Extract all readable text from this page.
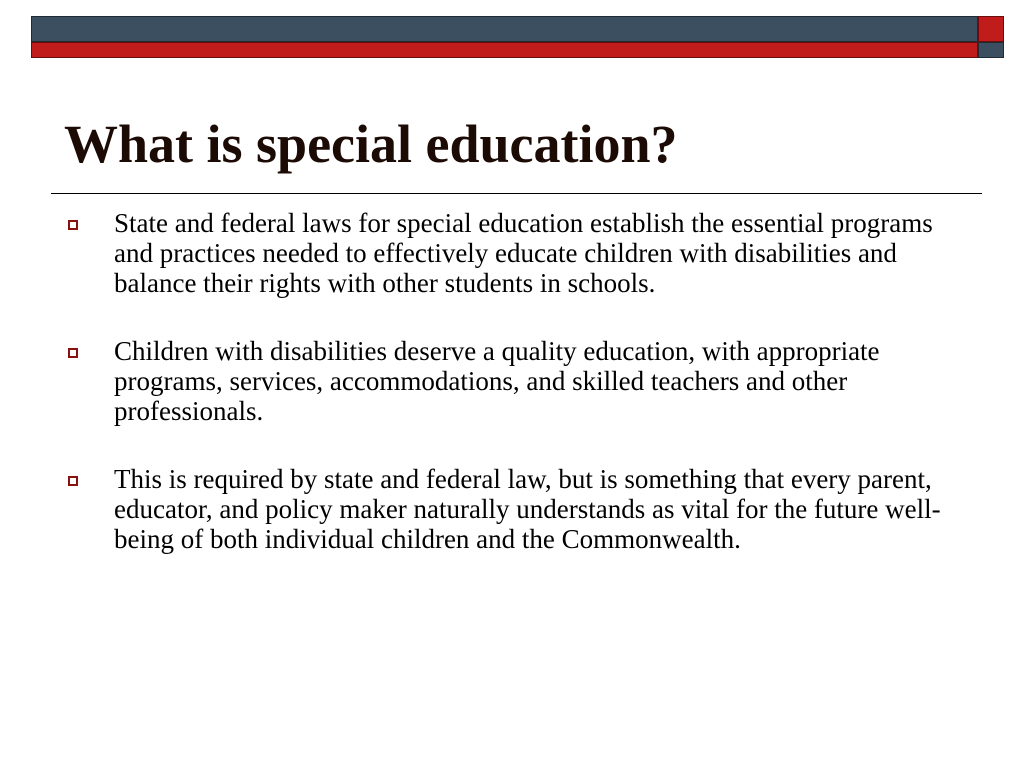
What is special education?
State and federal laws for special education establish the essential programs and practices needed to effectively educate children with disabilities and balance their rights with other students in schools.
Children with disabilities deserve a quality education, with appropriate programs, services, accommodations, and skilled teachers and other professionals.
This is required by state and federal law, but is something that every parent, educator, and policy maker naturally understands as vital for the future well-being of both individual children and the Commonwealth.
